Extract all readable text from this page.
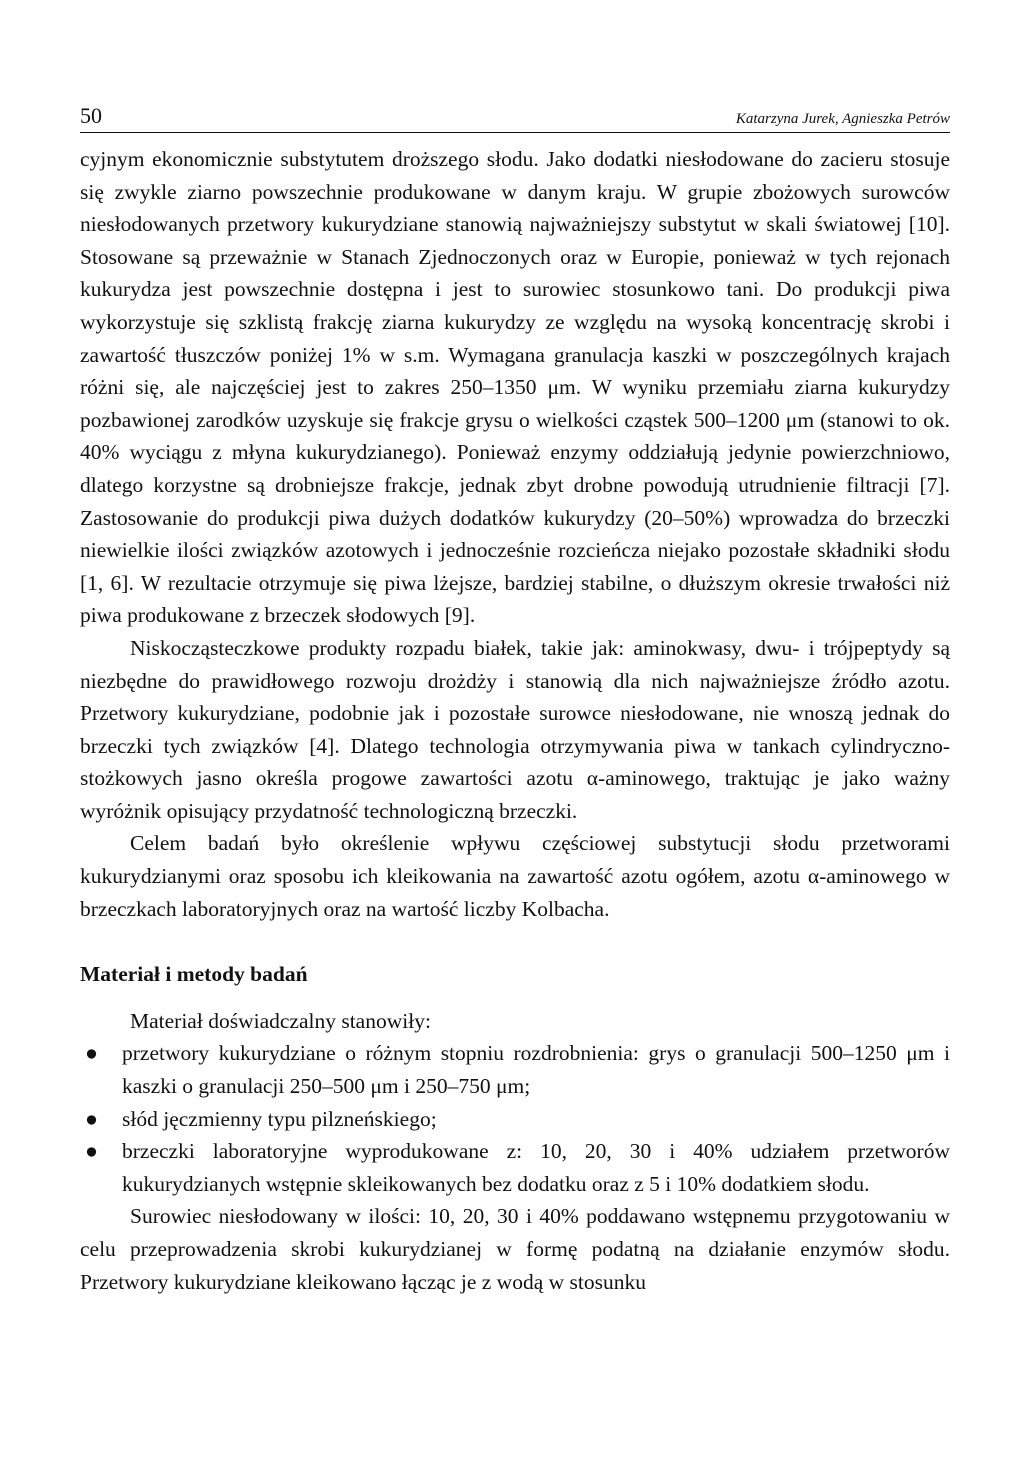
50	Katarzyna Jurek, Agnieszka Petrów

cyjnym ekonomicznie substytutem droższego słodu. Jako dodatki niesłodowane do zacieru stosuje się zwykle ziarno powszechnie produkowane w danym kraju. W grupie zbożowych surowców niesłodowanych przetwory kukurydziane stanowią najważniejszy substytut w skali światowej [10]. Stosowane są przeważnie w Stanach Zjednoczonych oraz w Europie, ponieważ w tych rejonach kukurydza jest powszechnie dostępna i jest to surowiec stosunkowo tani. Do produkcji piwa wykorzystuje się szklistą frakcję ziarna kukurydzy ze względu na wysoką koncentrację skrobi i zawartość tłuszczów poniżej 1% w s.m. Wymagana granulacja kaszki w poszczególnych krajach różni się, ale najczęściej jest to zakres 250–1350 μm. W wyniku przemiału ziarna kukurydzy pozbawionej zarodków uzyskuje się frakcje grysu o wielkości cząstek 500–1200 μm (stanowi to ok. 40% wyciągu z młyna kukurydzianego). Ponieważ enzymy oddziałują jedynie powierzchniowo, dlatego korzystne są drobniejsze frakcje, jednak zbyt drobne powodują utrudnienie filtracji [7]. Zastosowanie do produkcji piwa dużych dodatków kukurydzy (20–50%) wprowadza do brzeczki niewielkie ilości związków azotowych i jednocześnie rozcieńcza niejako pozostałe składniki słodu [1, 6]. W rezultacie otrzymuje się piwa lżejsze, bardziej stabilne, o dłuższym okresie trwałości niż piwa produkowane z brzeczek słodowych [9].

Niskocząsteczkowe produkty rozpadu białek, takie jak: aminokwasy, dwu- i trójpeptydy są niezbędne do prawidłowego rozwoju drożdży i stanowią dla nich najważniejsze źródło azotu. Przetwory kukurydziane, podobnie jak i pozostałe surowce niesłodowane, nie wnoszą jednak do brzeczki tych związków [4]. Dlatego technologia otrzymywania piwa w tankach cylindryczno-stożkowych jasno określa progowe zawartości azotu α-aminowego, traktując je jako ważny wyróżnik opisujący przydatność technologiczną brzeczki.

Celem badań było określenie wpływu częściowej substytucji słodu przetworami kukurydzianymi oraz sposobu ich kleikowania na zawartość azotu ogółem, azotu α-aminowego w brzeczkach laboratoryjnych oraz na wartość liczby Kolbacha.

Materiał i metody badań

Materiał doświadczalny stanowiły:

● przetwory kukurydziane o różnym stopniu rozdrobnienia: grys o granulacji 500–1250 μm i kaszki o granulacji 250–500 μm i 250–750 μm;
● słód jęczmienny typu pilzneńskiego;
● brzeczki laboratoryjne wyprodukowane z: 10, 20, 30 i 40% udziałem przetworów kukurydzianych wstępnie skleikowanych bez dodatku oraz z 5 i 10% dodatkiem słodu.

Surowiec niesłodowany w ilości: 10, 20, 30 i 40% poddawano wstępnemu przygotowaniu w celu przeprowadzenia skrobi kukurydzianej w formę podatną na działanie enzymów słodu. Przetwory kukurydziane kleikowano łącząc je z wodą w stosunku
